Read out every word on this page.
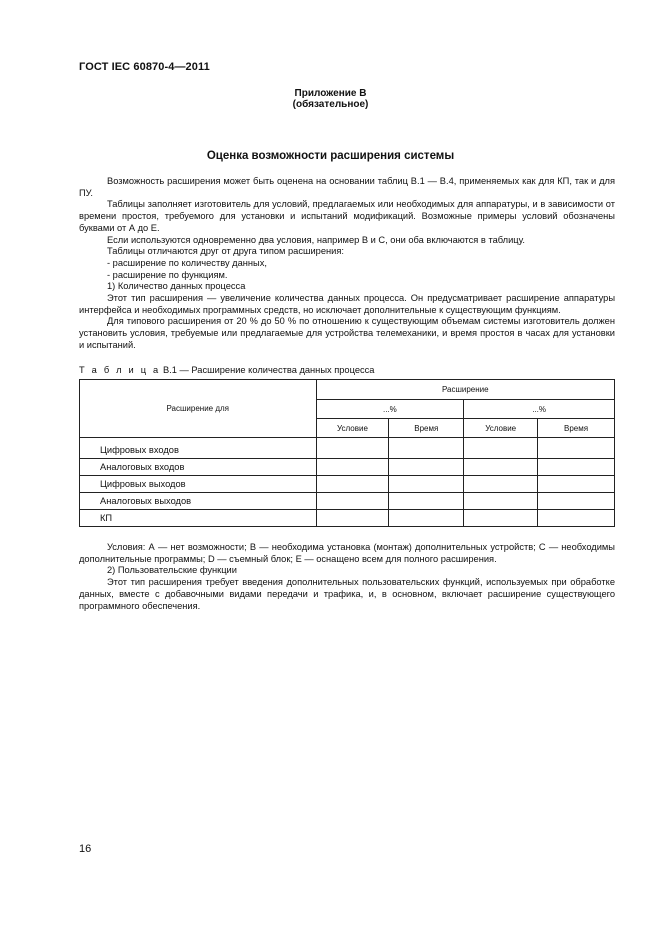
ГОСТ IEC 60870-4—2011
Приложение В
(обязательное)
Оценка возможности расширения системы

Возможность расширения может быть оценена на основании таблиц В.1 — В.4, применяемых как для КП, так и для ПУ.

Таблицы заполняет изготовитель для условий, предлагаемых или необходимых для аппаратуры, и в зависимости от времени простоя, требуемого для установки и испытаний модификаций. Возможные примеры условий обозначены буквами от А до Е.

Если используются одновременно два условия, например В и С, они оба включаются в таблицу.

Таблицы отличаются друг от друга типом расширения:

- расширение по количеству данных,

- расширение по функциям.

1) Количество данных процесса

Этот тип расширения — увеличение количества данных процесса. Он предусматривает расширение аппаратуры интерфейса и необходимых программных средств, но исключает дополнительные к существующим функциям.

Для типового расширения от 20 % до 50 % по отношению к существующим объемам системы изготовитель должен установить условия, требуемые или предлагаемые для устройства телемеханики, и время простоя в часах для установки и испытаний.

Т а б л и ц а В.1 — Расширение количества данных процесса
Расширение для	Расширение			
	...%		...%	
	Условие	Время	Условие	Время
Цифровых входов				
Аналоговых входов				
Цифровых выходов				
Аналоговых выходов				
КП				

Условия: А — нет возможности; В — необходима установка (монтаж) дополнительных устройств; С — необходимы дополнительные программы; D — съемный блок; Е — оснащено всем для полного расширения.

2) Пользовательские функции

Этот тип расширения требует введения дополнительных пользовательских функций, используемых при обработке данных, вместе с добавочными видами передачи и трафика, и, в основном, включает расширение существующего программного обеспечения.

16
